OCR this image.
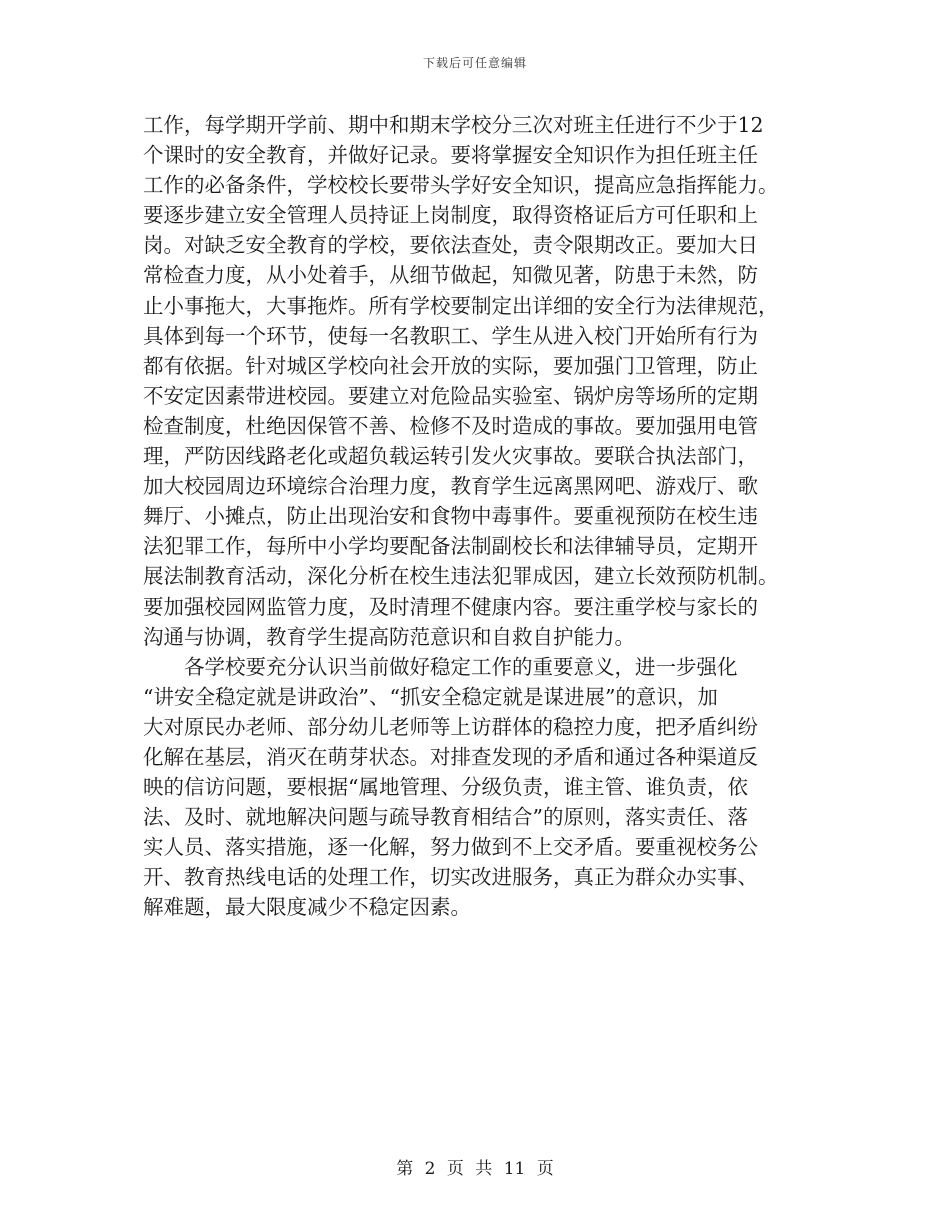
下载后可任意编辑
工作，每学期开学前、期中和期末学校分三次对班主任进行不少于12
个课时的安全教育，并做好记录。要将掌握安全知识作为担任班主任
工作的必备条件，学校校长要带头学好安全知识，提高应急指挥能力。
要逐步建立安全管理人员持证上岗制度，取得资格证后方可任职和上
岗。对缺乏安全教育的学校，要依法查处，责令限期改正。要加大日
常检查力度，从小处着手，从细节做起，知微见著，防患于未然，防
止小事拖大，大事拖炸。所有学校要制定出详细的安全行为法律规范，
具体到每一个环节，使每一名教职工、学生从进入校门开始所有行为
都有依据。针对城区学校向社会开放的实际，要加强门卫管理，防止
不安定因素带进校园。要建立对危险品实验室、锅炉房等场所的定期
检查制度，杜绝因保管不善、检修不及时造成的事故。要加强用电管
理，严防因线路老化或超负载运转引发火灾事故。要联合执法部门，
加大校园周边环境综合治理力度，教育学生远离黑网吧、游戏厅、歌
舞厅、小摊点，防止出现治安和食物中毒事件。要重视预防在校生违
法犯罪工作，每所中小学均要配备法制副校长和法律辅导员，定期开
展法制教育活动，深化分析在校生违法犯罪成因，建立长效预防机制。
要加强校园网监管力度，及时清理不健康内容。要注重学校与家长的
沟通与协调，教育学生提高防范意识和自救自护能力。
各学校要充分认识当前做好稳定工作的重要意义，进一步强化
“讲安全稳定就是讲政治”、“抓安全稳定就是谋进展”的意识，加
大对原民办老师、部分幼儿老师等上访群体的稳控力度，把矛盾纠纷
化解在基层，消灭在萌芽状态。对排查发现的矛盾和通过各种渠道反
映的信访问题，要根据“属地管理、分级负责，谁主管、谁负责，依
法、及时、就地解决问题与疏导教育相结合”的原则，落实责任、落
实人员、落实措施，逐一化解，努力做到不上交矛盾。要重视校务公
开、教育热线电话的处理工作，切实改进服务，真正为群众办实事、
解难题，最大限度减少不稳定因素。
第 2 页 共 11 页
